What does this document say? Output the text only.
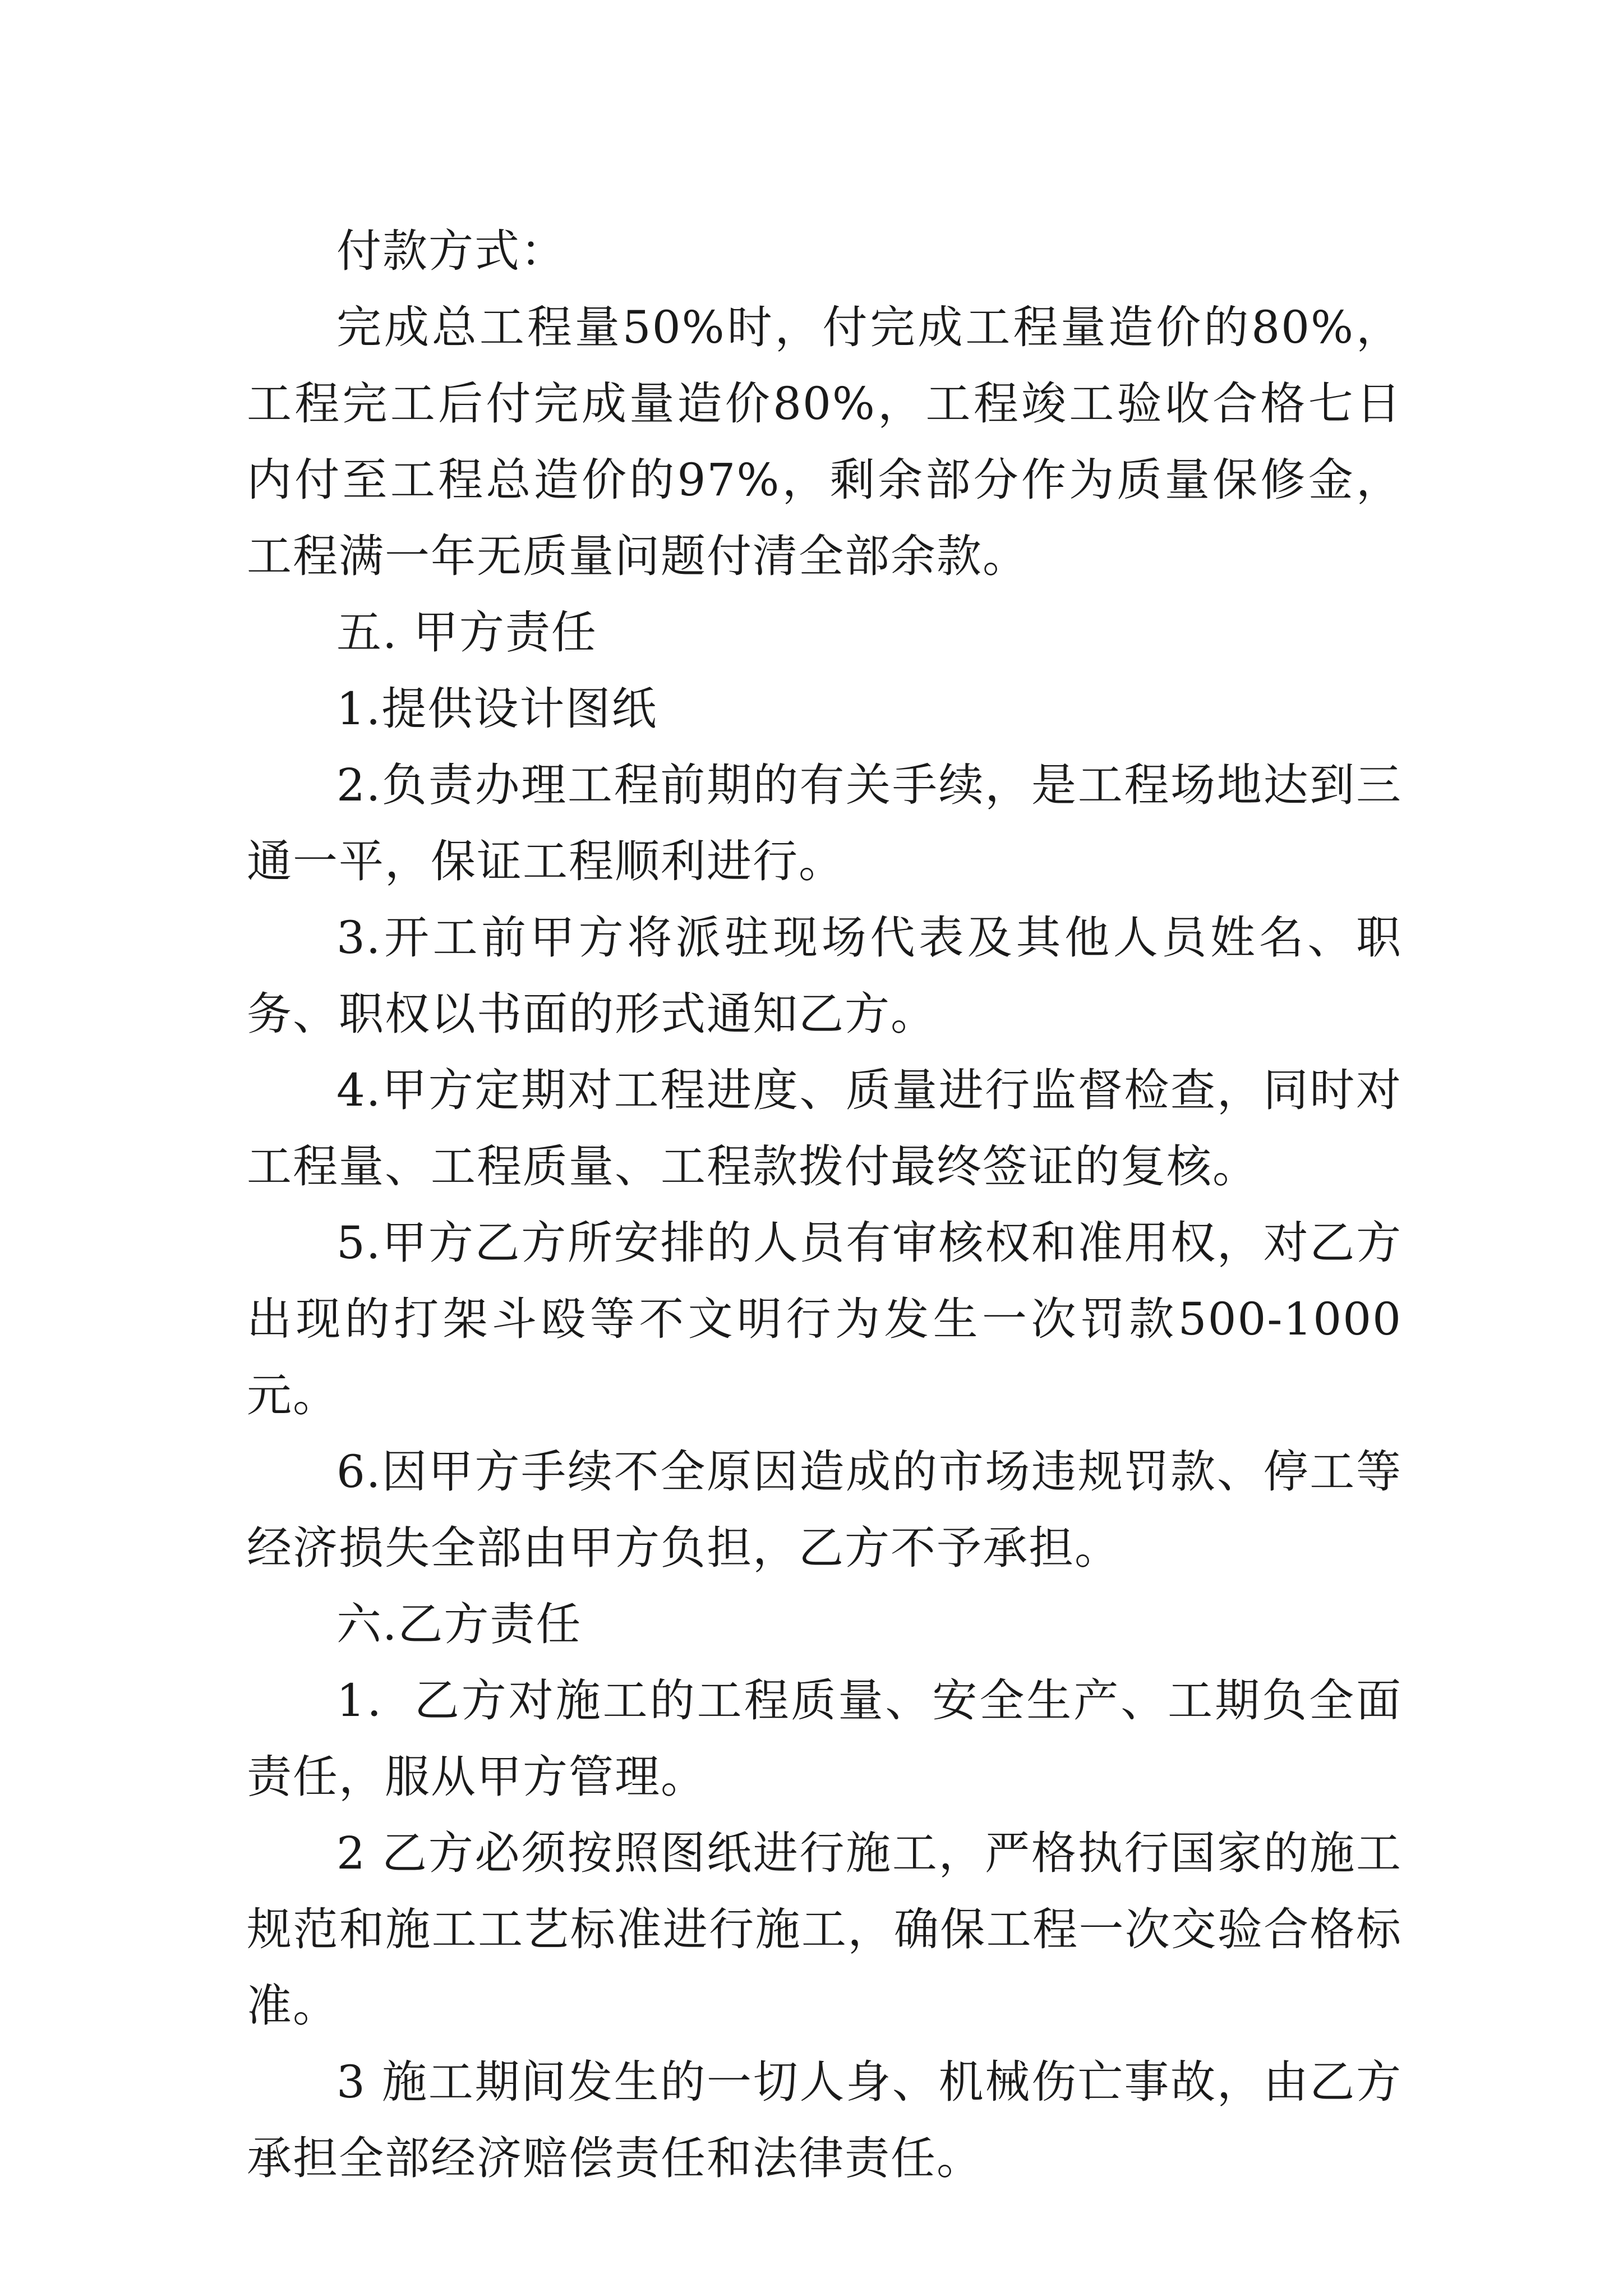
付款方式：

完成总工程量50%时，付完成工程量造价的80%，工程完工后付完成量造价80%，工程竣工验收合格七日内付至工程总造价的97%，剩余部分作为质量保修金，工程满一年无质量问题付清全部余款。

五. 甲方责任

1.提供设计图纸

2.负责办理工程前期的有关手续，是工程场地达到三通一平，保证工程顺利进行。

3.开工前甲方将派驻现场代表及其他人员姓名、职务、职权以书面的形式通知乙方。

4.甲方定期对工程进度、质量进行监督检查，同时对工程量、工程质量、工程款拨付最终签证的复核。

5.甲方乙方所安排的人员有审核权和准用权，对乙方出现的打架斗殴等不文明行为发生一次罚款500-1000元。

6.因甲方手续不全原因造成的市场违规罚款、停工等经济损失全部由甲方负担，乙方不予承担。

六.乙方责任

1．乙方对施工的工程质量、安全生产、工期负全面责任，服从甲方管理。

2 乙方必须按照图纸进行施工，严格执行国家的施工规范和施工工艺标准进行施工，确保工程一次交验合格标准。

3 施工期间发生的一切人身、机械伤亡事故，由乙方承担全部经济赔偿责任和法律责任。
